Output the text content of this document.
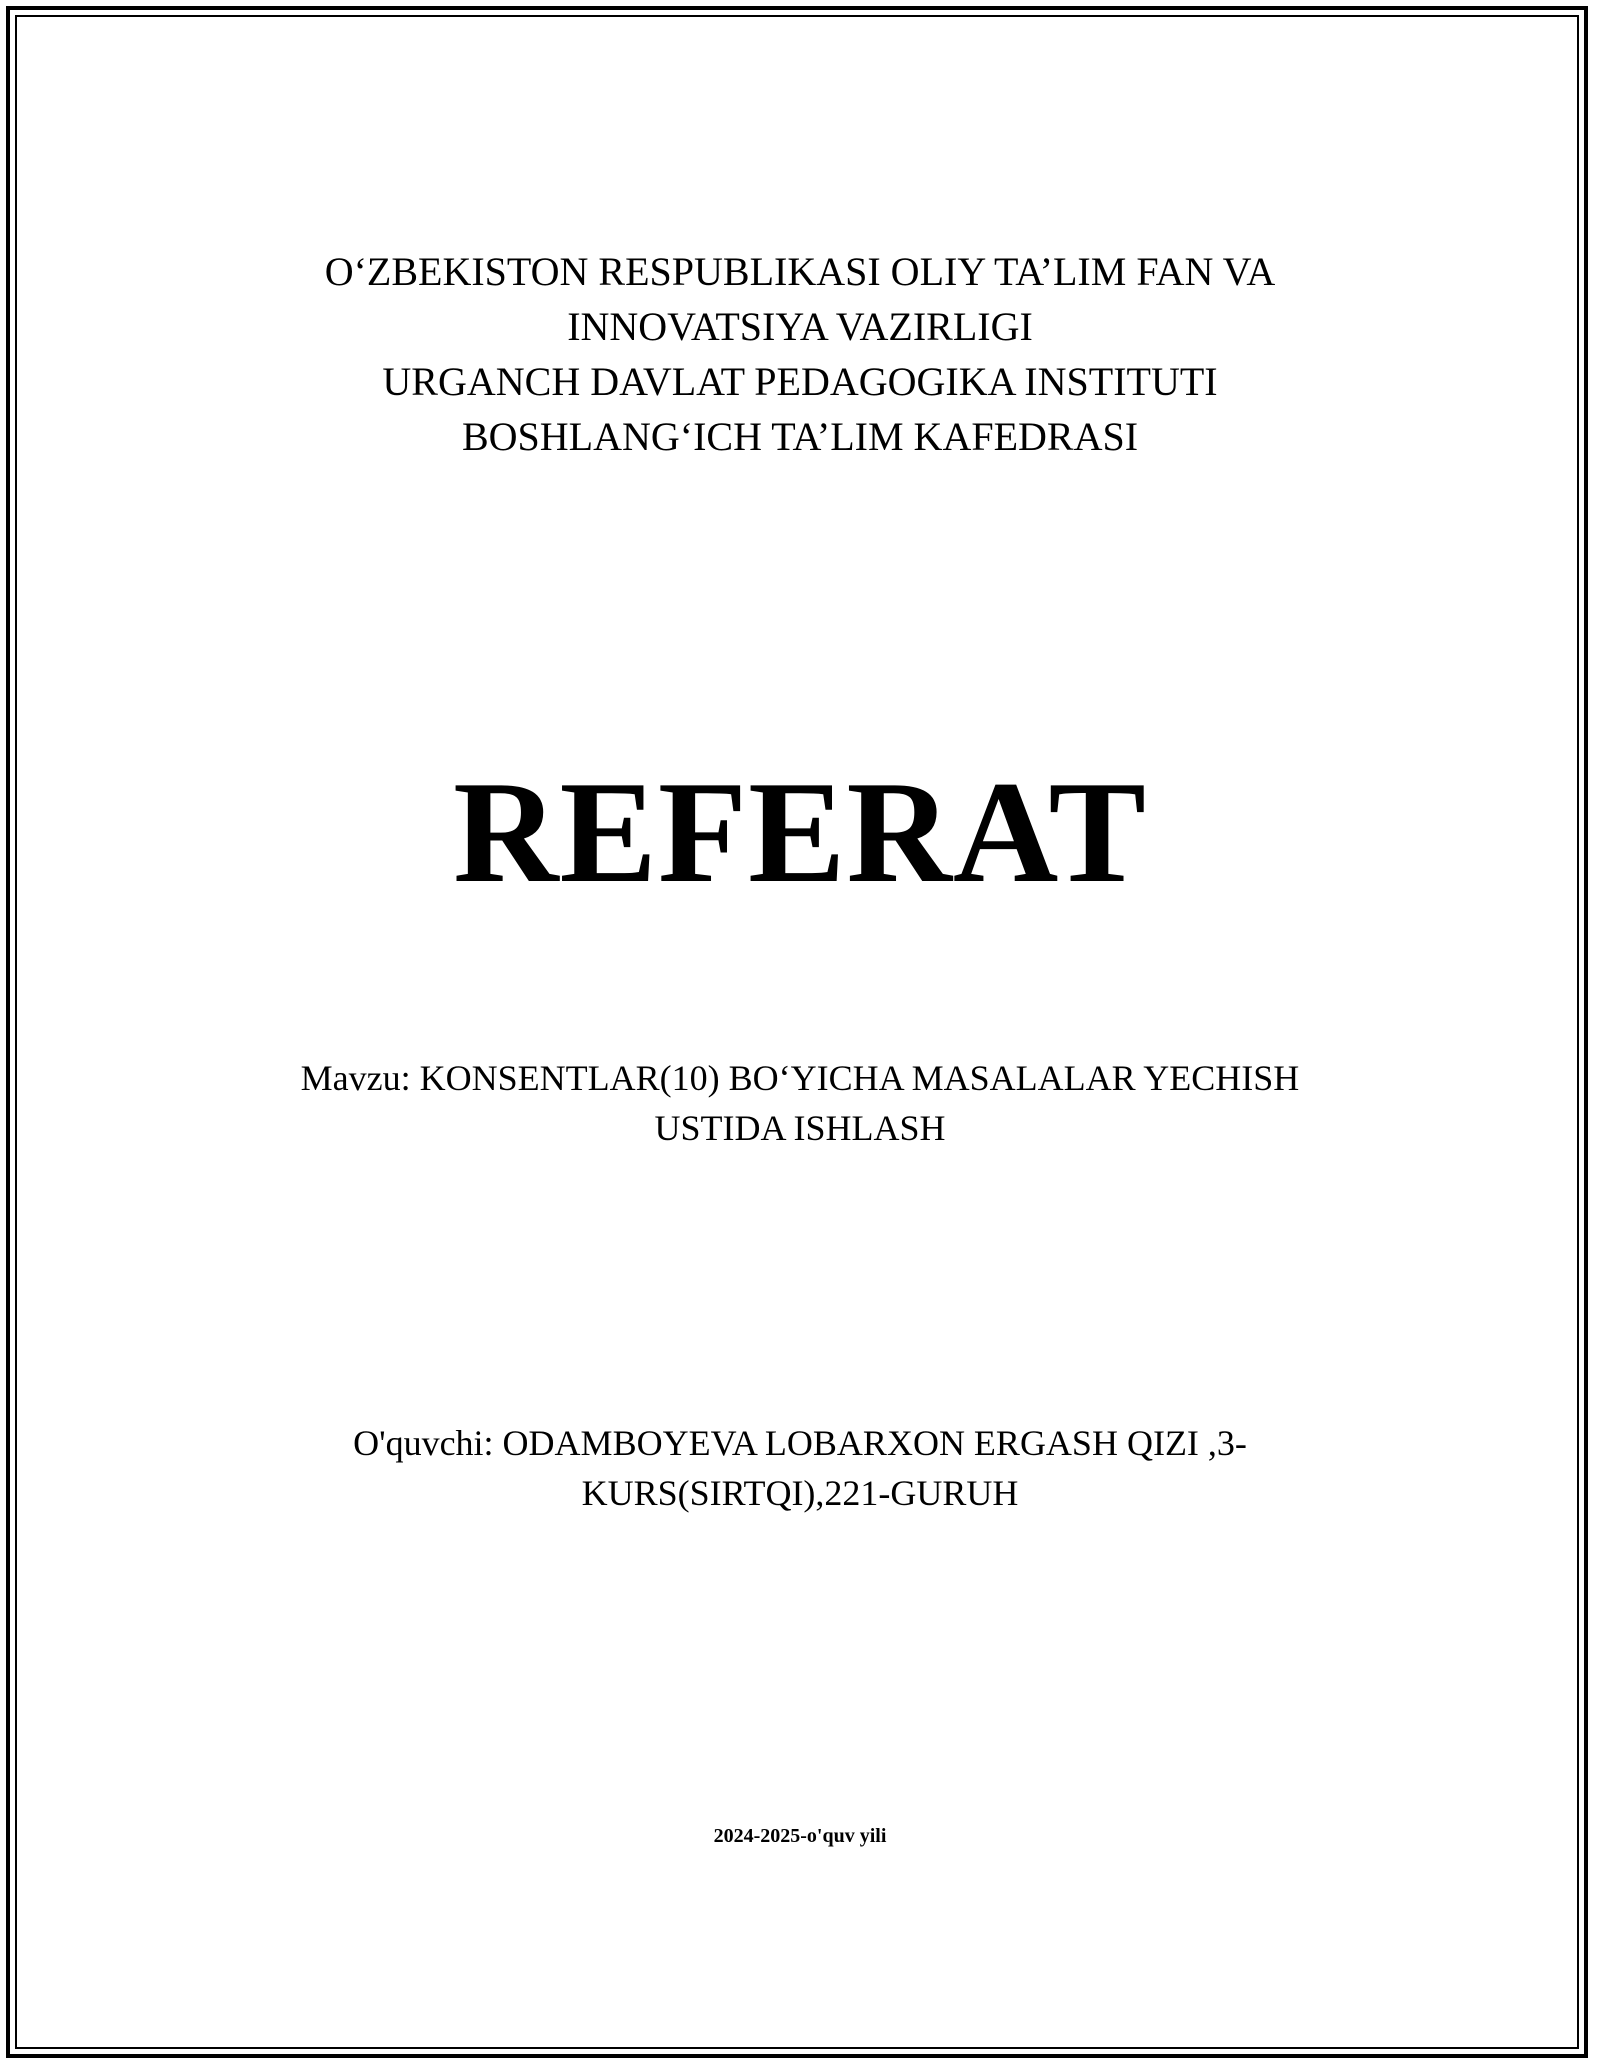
O‘ZBEKISTON RESPUBLIKASI OLIY TA’LIM FAN VA
INNOVATSIYA VAZIRLIGI
URGANCH DAVLAT PEDAGOGIKA INSTITUTI
BOSHLANG‘ICH TA’LIM KAFEDRASI
REFERAT
Mavzu: KONSENTLAR(10) BO‘YICHA MASALALAR YECHISH
USTIDA ISHLASH
O'quvchi: ODAMBOYEVA LOBARXON ERGASH QIZI ,3-
KURS(SIRTQI),221-GURUH
2024-2025-o'quv yili
